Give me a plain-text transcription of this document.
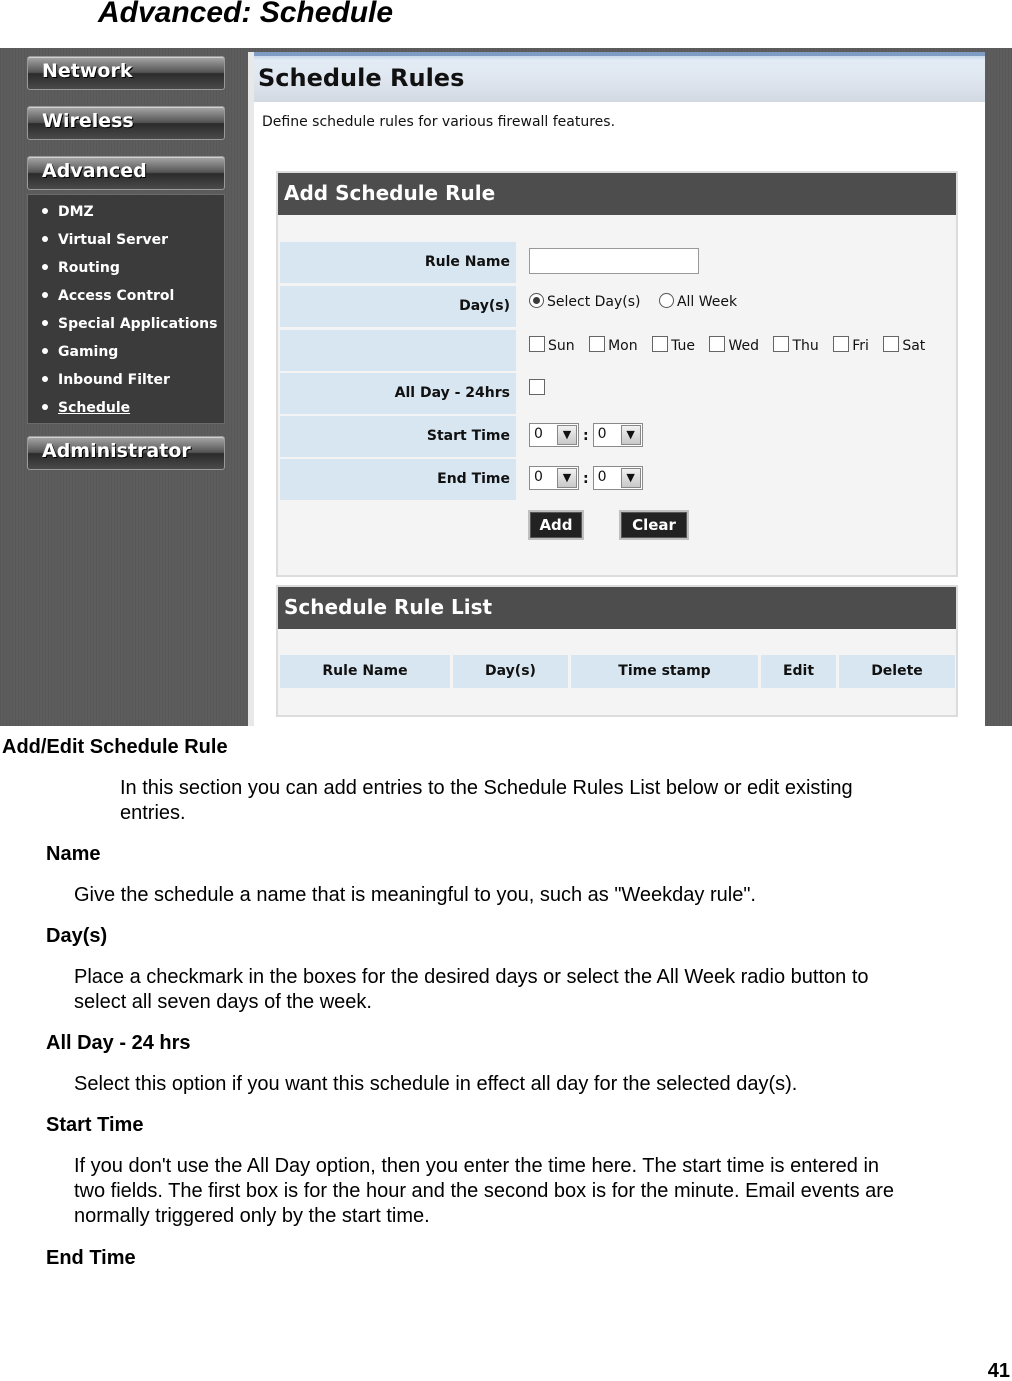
Advanced: Schedule
Network
Wireless
Advanced
DMZ
Virtual Server
Routing
Access Control
Special Applications
Gaming
Inbound Filter
Schedule
Administrator
Schedule Rules
Define schedule rules for various firewall features.
Add Schedule Rule
Rule Name
Day(s)	Select Day(s)	All Week
Sun Mon Tue Wed Thu Fri Sat
All Day - 24hrs
Start Time	0	▼ : 0	▼
End Time	0	▼ : 0	▼
Add	Clear
Schedule Rule List
Rule Name	Day(s)	Time stamp	Edit	Delete
Add/Edit Schedule Rule
In this section you can add entries to the Schedule Rules List below or edit existing
entries.
Name
Give the schedule a name that is meaningful to you, such as "Weekday rule".
Day(s)
Place a checkmark in the boxes for the desired days or select the All Week radio button to
select all seven days of the week.
All Day - 24 hrs
Select this option if you want this schedule in effect all day for the selected day(s).
Start Time
If you don't use the All Day option, then you enter the time here. The start time is entered in
two fields. The first box is for the hour and the second box is for the minute. Email events are
normally triggered only by the start time.
End Time
41
